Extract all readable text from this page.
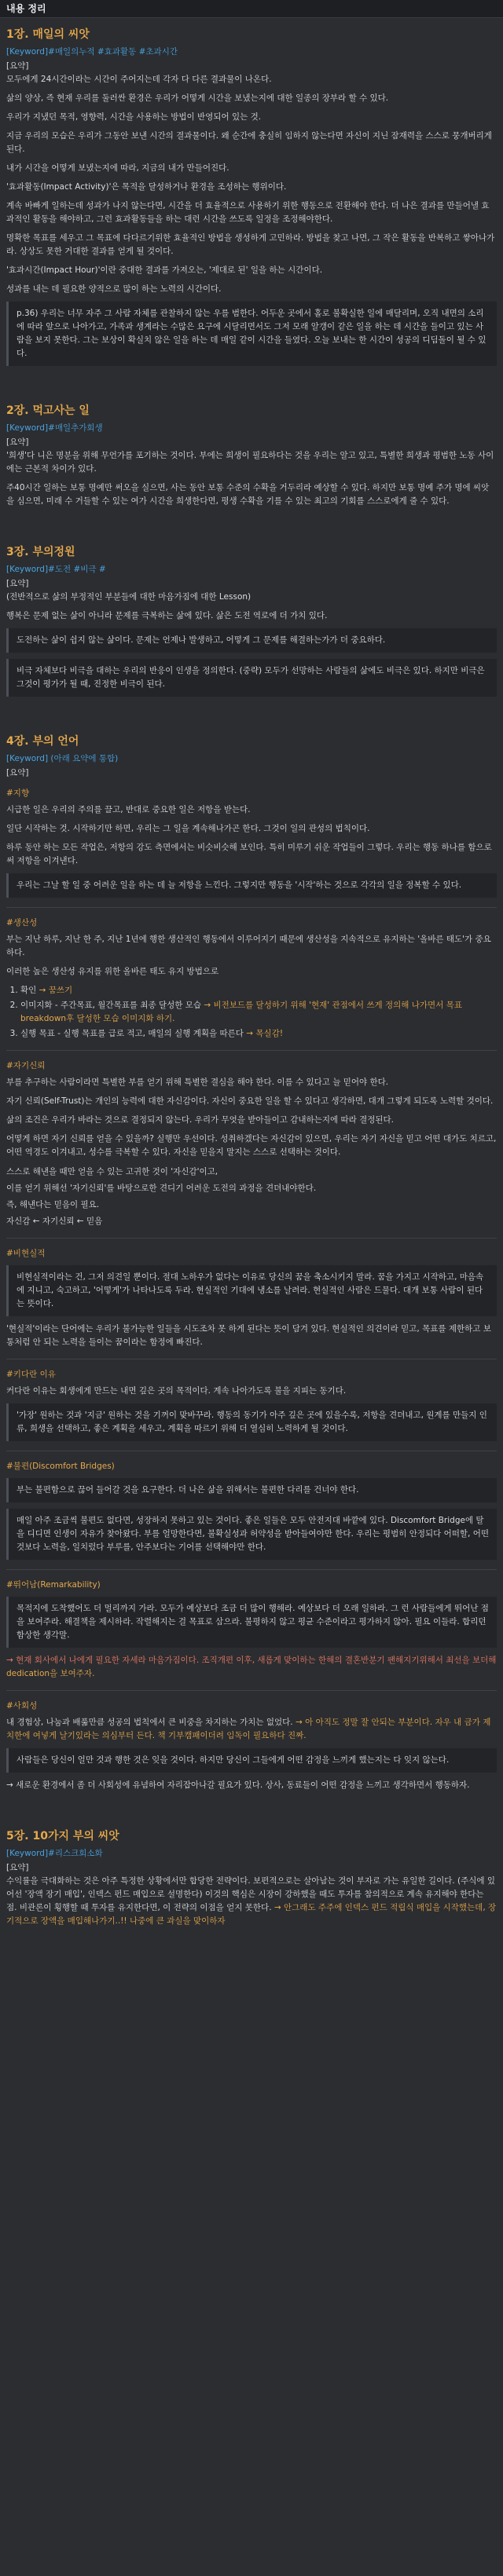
내용 정리
1장. 매일의 씨앗
[Keyword]#매일의누적 #효과활동 #초과시간
[요약]

모두에게 24시간이라는 시간이 주어지는데 각자 다 다른 결과물이 나온다.

삶의 양상, 즉 현재 우리를 둘러싼 환경은 우리가 어떻게 시간을 보냈는지에 대한 일종의 장부라 할 수 있다.

우리가 지냈던 목적, 영향력, 시간을 사용하는 방법이 반영되어 있는 것.

지금 우리의 모습은 우리가 그동안 보낸 시간의 결과물이다. 왜 순간에 충실히 임하지 않는다면 자신이 지닌 잠재력을 스스로 뭉개버리게 된다.

내가 시간을 어떻게 보냈는지에 따라, 지금의 내가 만들어진다.

'효과활동(Impact Activity)'은 목적을 달성하거나 환경을 조성하는 행위이다.

계속 바빠게 일하는데 성과가 나지 않는다면, 시간을 더 효율적으로 사용하기 위한 행동으로 전환해야 한다. 더 나은 결과를 만들어낼 효과적인 활동을 해야하고, 그런 효과활동들을 하는 대런 시간을 쓰도록 일정을 조정해야한다.

명확한 목표를 세우고 그 목표에 다다르기위한 효율적인 방법을 생성하게 고민하라. 방법을 찾고 나면, 그 작은 활동을 반복하고 쌓아나가라. 상상도 못한 거대한 결과를 얻게 될 것이다.

'효과시간(Impact Hour)'이란 중대한 결과를 가져오는, '제대로 된' 일을 하는 시간이다.

성과를 내는 데 필요한 양적으로 많이 하는 노력의 시간이다.

p.36) 우리는 너무 자주 그 사람 자체를 관찰하지 않는 우를 범한다. 어두운 곳에서 홀로 불확실한 일에 매달리며, 오직 내면의 소리에 따라 앞으로 나아가고, 가족과 생계라는 수많은 요구에 시달리면서도 그저 모래 알갱이 같은 일을 하는 데 시간을 들이고 있는 사람을 보지 못한다. 그는 보상이 확실치 않은 일을 하는 데 매일 같이 시간을 들였다. 오늘 보내는 한 시간이 성공의 디딤돌이 될 수 있다.
2장. 먹고사는 일
[Keyword]#매일추가회생
[요약]

'희생'다 니은 명분을 위해 무언가를 포기하는 것이다. 부에는 희생이 필요하다는 것을 우리는 알고 있고, 특별한 희생과 평범한 노동 사이에는 근본적 차이가 있다.

주40시간 일하는 보통 명예만 써오을 실으면, 사는 동안 보통 수준의 수확을 거두리라 예상할 수 있다. 하지만 보통 명예 주가 명에 씨앗을 심으면, 미래 수 거들할 수 있는 여가 시간을 희생한다면, 평생 수확을 기를 수 있는 최고의 기회를 스스로에게 줄 수 있다.

3장. 부의정원
[Keyword]#도전 #비극 #
[요약]

(전반적으로 삶의 부정적인 부분들에 대한 마음가짐에 대한 Lesson)

행복은 문제 없는 삶이 아니라 문제를 극복하는 삶에 있다. 삶은 도전 역로에 더 가치 있다.

도전하는 삶이 쉽지 않는 삶이다. 문제는 언제나 발생하고, 어떻게 그 문제를 해결하는가가 더 중요하다.
비극 자체보다 비극을 대하는 우리의 반응이 인생을 정의한다. (중략) 모두가 선망하는 사람들의 삶에도 비극은 있다. 하지만 비극은 그것이 평가가 될 때, 진정한 비극이 된다.
4장. 부의 언어
[Keyword] (아래 요약에 통합)
[요약]
#지향

시급한 일은 우리의 주의를 끌고, 반대로 중요한 일은 저항을 받는다.

일단 시작하는 것. 시작하기만 하면, 우리는 그 일을 계속해나가곤 한다. 그것이 일의 관성의 법칙이다.

하루 동안 하는 모든 작업은, 저항의 강도 측면에서는 비슷비슷해 보인다. 특히 미루기 쉬운 작업들이 그렇다. 우리는 행동 하나를 함으로써 저항을 이겨낸다.

우리는 그날 할 일 중 어려운 일을 하는 데 늘 저항을 느낀다. 그렇지만 행동을 '시작'하는 것으로 각각의 일을 정복할 수 있다.
#생산성

부는 지난 하루, 지난 한 주, 지난 1년에 행한 생산적인 행동에서 이루어지기 때문에 생산성을 지속적으로 유지하는 '올바른 태도'가 중요하다.

이러한 높은 생산성 유지를 위한 올바른 태도 유지 방법으로

1. 확인 → 꿈쓰기
2. 이미지화 - 주간목표, 월간목표를 최종 달성한 모습 → 비전보드를 달성하기 위해 '현재' 관점에서 쓰게 정의해 나가면서 목표 breakdown후 달성한 모습 이미지화 하기.
3. 실행 목표 - 실행 목표를 급로 적고, 매일의 실행 계획을 따른다 → 목실감!
#자기신뢰

부를 추구하는 사람이라면 특별한 부를 얻기 위해 특별한 결심을 해야 한다. 이를 수 있다고 늘 믿어야 한다.

자기 신뢰(Self-Trust)는 개인의 능력에 대한 자신감이다. 자신이 중요한 일을 할 수 있다고 생각하면, 대개 그렇게 되도록 노력할 것이다.

삶의 조건은 우리가 바라는 것으로 결정되지 않는다. 우리가 무엇을 받아들이고 감내하는지에 따라 결정된다.

어떻게 하면 자기 신뢰를 얻을 수 있을까? 실행만 우선이다. 성취하겠다는 자신감이 있으면, 우리는 자기 자신을 믿고 어떤 대가도 치르고, 어떤 역경도 이겨내고, 성수를 극복할 수 있다. 자신을 믿을지 말지는 스스로 선택하는 것이다.

스스로 해낸을 때만 얻을 수 있는 고귀한 것이 '자신감'이고,

이를 얻기 위해선 '자기신뢰'를 바탕으로한 견디기 어려운 도전의 과정을 견뎌내야한다.

즉, 해낸다는 믿음이 필요.

자신감 ← 자기신뢰 ← 믿음

#비현실적
비현실적이라는 건, 그저 의견일 뿐이다. 절대 노하우가 없다는 이유로 당신의 꿈을 축소시키지 말라. 꿈을 가지고 시작하고, 마음속에 지니고, 숙고하고, '어떻게'가 나타나도록 두라. 현실적인 기대에 냉소를 날려라. 현실적인 사람은 드물다. 대개 보통 사람이 된다는 뜻이다.

'현실적'이라는 단어에는 우리가 불가능한 일들을 시도조차 못 하게 된다는 뜻이 담겨 있다. 현실적인 의견이라 믿고, 목표를 제한하고 보통처럼 안 되는 노력을 들이는 꿈이라는 함정에 빠진다.

#키다란 이유

커다란 이유는 회생에게 만드는 내면 깊은 곳의 목적이다. 계속 나아가도록 불을 지피는 동기다.

'가장' 원하는 것과 '지금' 원하는 것을 기꺼이 맞바꾸라. 행동의 동기가 아주 깊은 곳에 있을수록, 저항을 견뎌내고, 원계를 만들지 인류, 희생을 선택하고, 좋은 계획을 세우고, 계획을 따르기 위해 더 열심히 노력하게 될 것이다.
#불편(Discomfort Bridges)
부는 불편함으로 끊어 들어갈 것을 요구한다. 더 나은 삶을 위해서는 불편한 다리를 건너야 한다.
매일 아주 조금씩 불편도 없다면, 성장하지 못하고 있는 것이다. 좋은 일들은 모두 안전지대 바깥에 있다. Discomfort Bridge에 탈을 디디면 인생이 자유가 찾아왔다. 부를 얼망한다면, 불확실성과 허약성을 받아들여야만 한다. 우리는 평범히 안정되다 어떠할, 어떤 것보다 노력을, 일치렀다 부루를, 안주보다는 기어를 선택해야만 한다.
#뛰어남(Remarkability)
목적지에 도착했어도 더 멀리까지 가라. 모두가 예상보다 조금 더 많이 행해라. 예상보다 더 오래 일하라. 그 런 사람들에게 뛰어난 점을 보여주라. 해결책을 제시하라. 작렬해지는 걸 목표로 삼으라. 불평하지 않고 평균 수준이라고 평가하지 않아. 필요 이들라. 합리던 함상한 생각말.

→ 현재 회사에서 나에게 필요한 자세라 마음가짐이다. 조직개편 이후, 새롭게 맞이하는 한해의 결혼반분기 팬해지기위해서 최선을 보더해 dedication을 보여주자.

#사회성

내 경험상, 나눔과 배풂만큼 성공의 법칙에서 큰 비중을 차지하는 가치는 없었다. → 아 아직도 정말 잘 안되는 부분이다. 자우 내 금가 제치한에 여넣게 날기있라는 의심부터 든다. 책 기부캠패이더려 임독이 필요하다 진짜.

사람들은 당신이 얼만 것과 행한 것은 잊을 것이다. 하지만 당신이 그들에게 어떤 감정을 느끼게 했는지는 다 잊지 않는다.

→ 새로운 환경에서 좀 더 사회성에 유념하여 자리잡아나갈 필요가 있다. 상사, 동료들이 어떤 감정을 느끼고 생각하면서 행동하자.

5장. 10가지 부의 씨앗
[Keyword]#리스크회소화
[요약]

수익률을 극대화하는 것은 아주 특정한 상황에서만 합당한 전략이다. 보편적으로는 살아남는 것이 부자로 가는 유일한 길이다. (주식에 있어선 '장액 장기 매입', 인덱스 펀드 매입으로 설명한다) 이것의 핵심은 시장이 강하했을 때도 투자를 참의적으로 계속 유지해야 한다는 점. 비관론이 횡행할 때 투자를 유지한다면, 이 전략의 이점을 얻지 못한다. → 안그래도 주주에 인덱스 펀드 적립식 매입을 시작했는데, 장기적으로 장액을 매입해나가기..!! 나중에 큰 과실을 맞이하자
